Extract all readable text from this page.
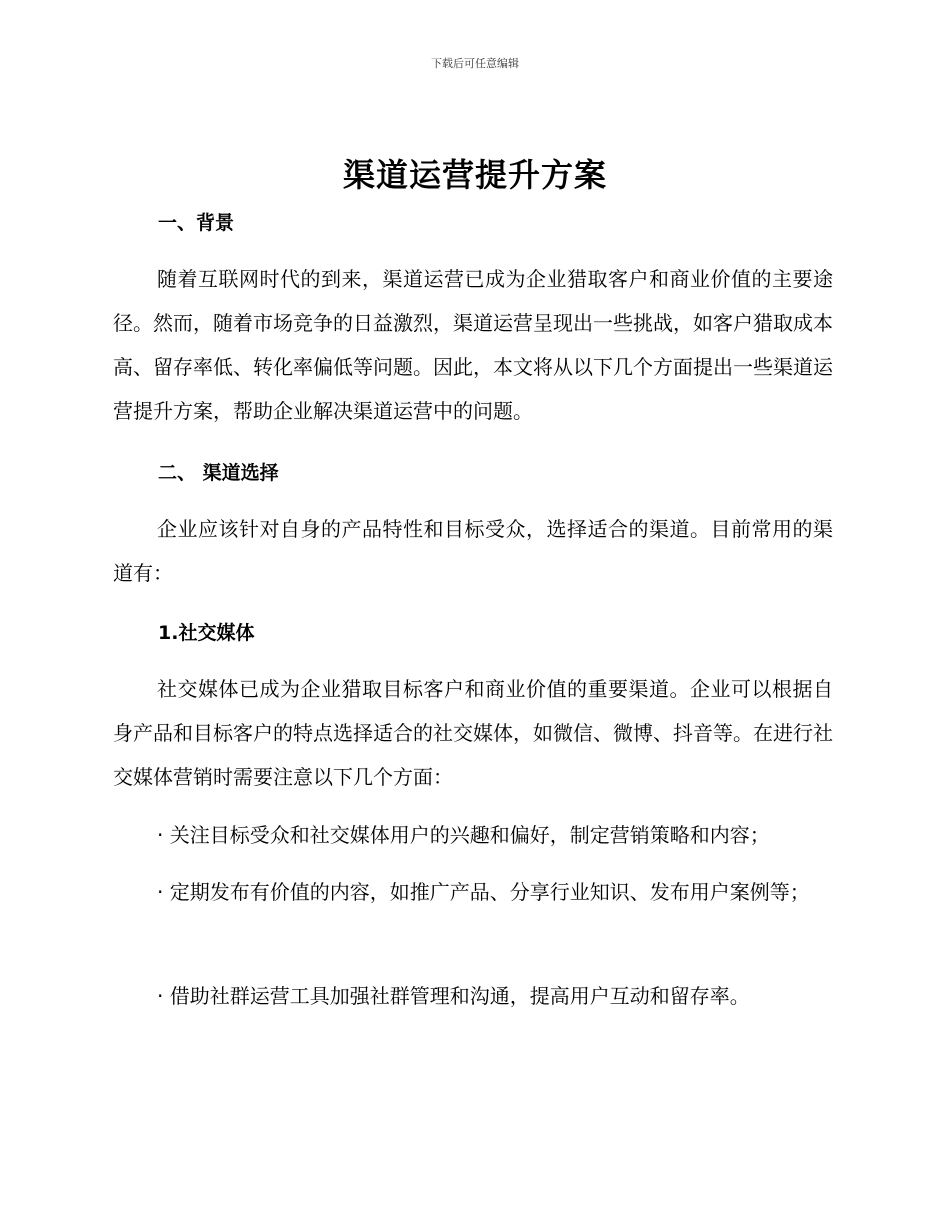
下载后可任意编辑
渠道运营提升方案
一、背景

随着互联网时代的到来，渠道运营已成为企业猎取客户和商业价值的主要途径。然而，随着市场竞争的日益激烈，渠道运营呈现出一些挑战，如客户猎取成本高、留存率低、转化率偏低等问题。因此，本文将从以下几个方面提出一些渠道运营提升方案，帮助企业解决渠道运营中的问题。

二、 渠道选择

企业应该针对自身的产品特性和目标受众，选择适合的渠道。目前常用的渠道有：

1.社交媒体

社交媒体已成为企业猎取目标客户和商业价值的重要渠道。企业可以根据自身产品和目标客户的特点选择适合的社交媒体，如微信、微博、抖音等。在进行社交媒体营销时需要注意以下几个方面：

· 关注目标受众和社交媒体用户的兴趣和偏好，制定营销策略和内容；

· 定期发布有价值的内容，如推广产品、分享行业知识、发布用户案例等；

· 借助社群运营工具加强社群管理和沟通，提高用户互动和留存率。
